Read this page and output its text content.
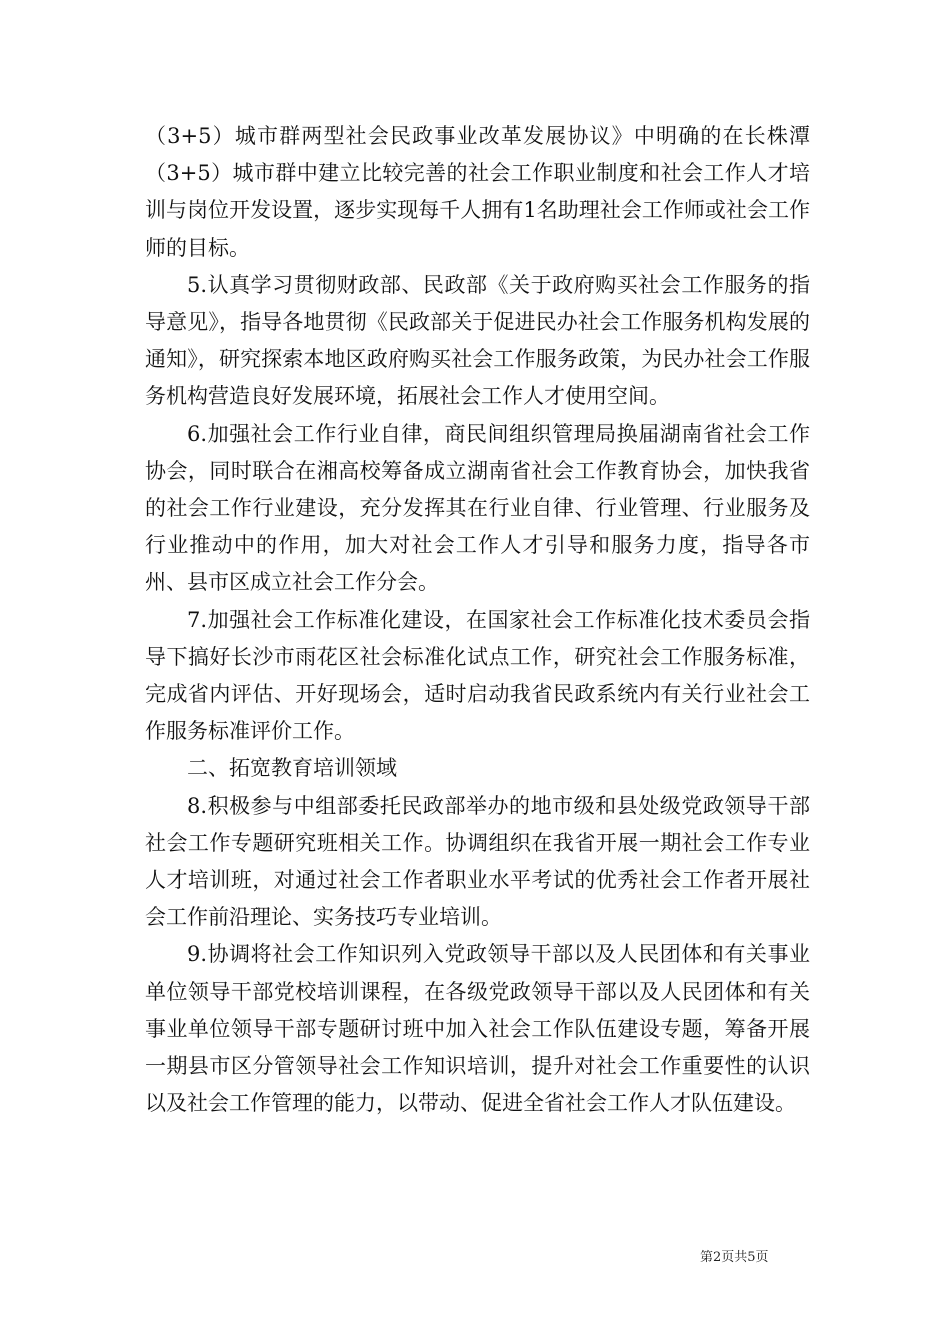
（3+5）城市群两型社会民政事业改革发展协议》中明确的在长株潭（3+5）城市群中建立比较完善的社会工作职业制度和社会工作人才培训与岗位开发设置，逐步实现每千人拥有1名助理社会工作师或社会工作师的目标。

5.认真学习贯彻财政部、民政部《关于政府购买社会工作服务的指导意见》，指导各地贯彻《民政部关于促进民办社会工作服务机构发展的通知》，研究探索本地区政府购买社会工作服务政策，为民办社会工作服务机构营造良好发展环境，拓展社会工作人才使用空间。

6.加强社会工作行业自律，商民间组织管理局换届湖南省社会工作协会，同时联合在湘高校筹备成立湖南省社会工作教育协会，加快我省的社会工作行业建设，充分发挥其在行业自律、行业管理、行业服务及行业推动中的作用，加大对社会工作人才引导和服务力度，指导各市州、县市区成立社会工作分会。

7.加强社会工作标准化建设，在国家社会工作标准化技术委员会指导下搞好长沙市雨花区社会标准化试点工作，研究社会工作服务标准，完成省内评估、开好现场会，适时启动我省民政系统内有关行业社会工作服务标准评价工作。

二、拓宽教育培训领域

8.积极参与中组部委托民政部举办的地市级和县处级党政领导干部社会工作专题研究班相关工作。协调组织在我省开展一期社会工作专业人才培训班，对通过社会工作者职业水平考试的优秀社会工作者开展社会工作前沿理论、实务技巧专业培训。

9.协调将社会工作知识列入党政领导干部以及人民团体和有关事业单位领导干部党校培训课程，在各级党政领导干部以及人民团体和有关事业单位领导干部专题研讨班中加入社会工作队伍建设专题，筹备开展一期县市区分管领导社会工作知识培训，提升对社会工作重要性的认识以及社会工作管理的能力，以带动、促进全省社会工作人才队伍建设。

第2页共5页
